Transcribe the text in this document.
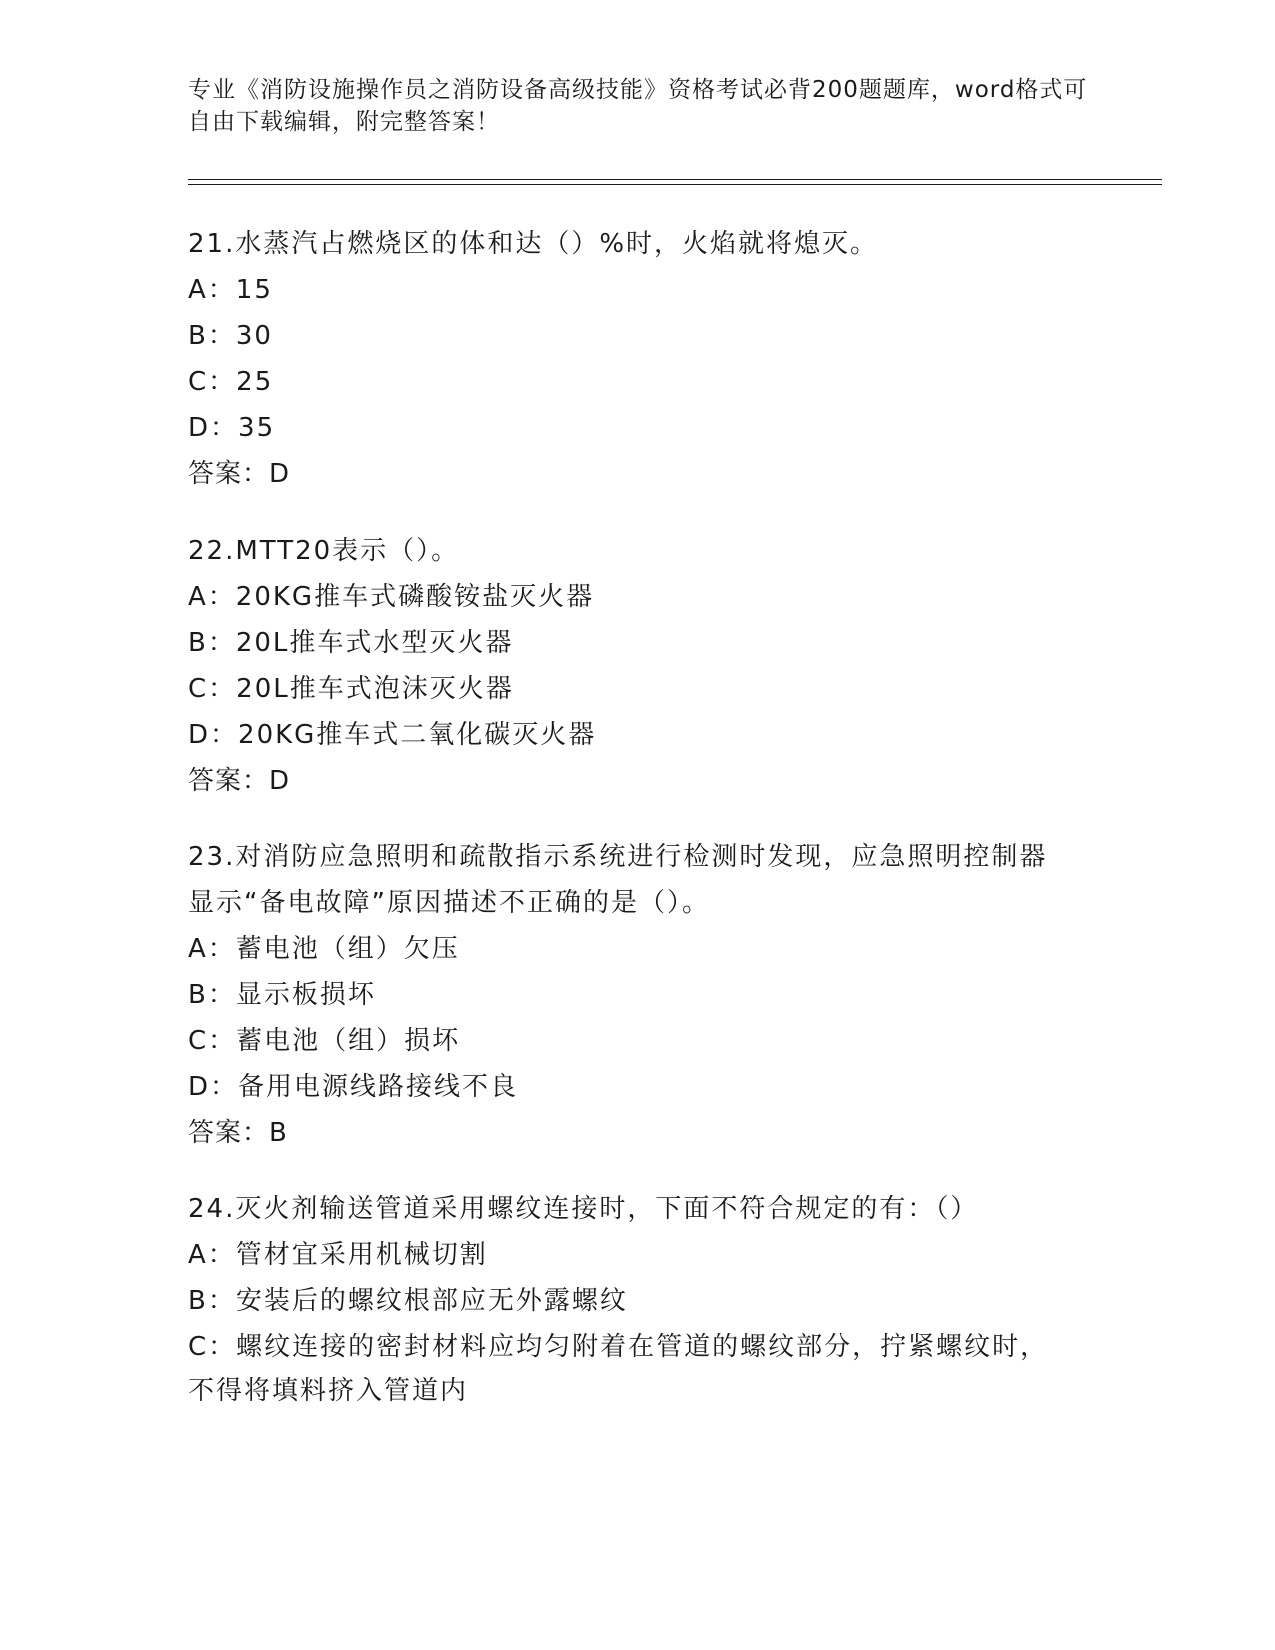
专业《消防设施操作员之消防设备高级技能》资格考试必背200题题库，word格式可自由下载编辑，附完整答案！
21.水蒸汽占燃烧区的体和达（）%时，火焰就将熄灭。
A：15
B：30
C：25
D：35
答案：D
22.MTT20表示（）。
A：20KG推车式磷酸铵盐灭火器
B：20L推车式水型灭火器
C：20L推车式泡沫灭火器
D：20KG推车式二氧化碳灭火器
答案：D
23.对消防应急照明和疏散指示系统进行检测时发现，应急照明控制器显示“备电故障”原因描述不正确的是（）。
A：蓄电池（组）欠压
B：显示板损坏
C：蓄电池（组）损坏
D：备用电源线路接线不良
答案：B
24.灭火剂输送管道采用螺纹连接时，下面不符合规定的有：（）
A：管材宜采用机械切割
B：安装后的螺纹根部应无外露螺纹
C：螺纹连接的密封材料应均匀附着在管道的螺纹部分，拧紧螺纹时，不得将填料挤入管道内
